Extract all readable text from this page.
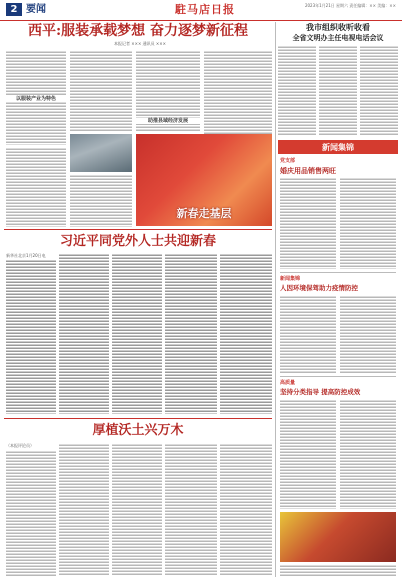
2 要闻	駐马店日报	2023年1月21日 星期六 责任编辑：×× 美编：××
西平:服装承载梦想 奋力逐梦新征程
本报记者 ××× 通讯员 ×××
以服装产业为特色
助推县域经济发展
新春走基层
我市组织收听收看
全省文明办主任电视电话会议
新闻集锦
党支部
婚庆用品销售两旺
新闻集锦
人因环境保驾助力疫情防控
高质量
坚持分类指导 提高防控成效
习近平同党外人士共迎新春
新华社北京1月20日电
厚植沃土兴万木
（本报评论员）
